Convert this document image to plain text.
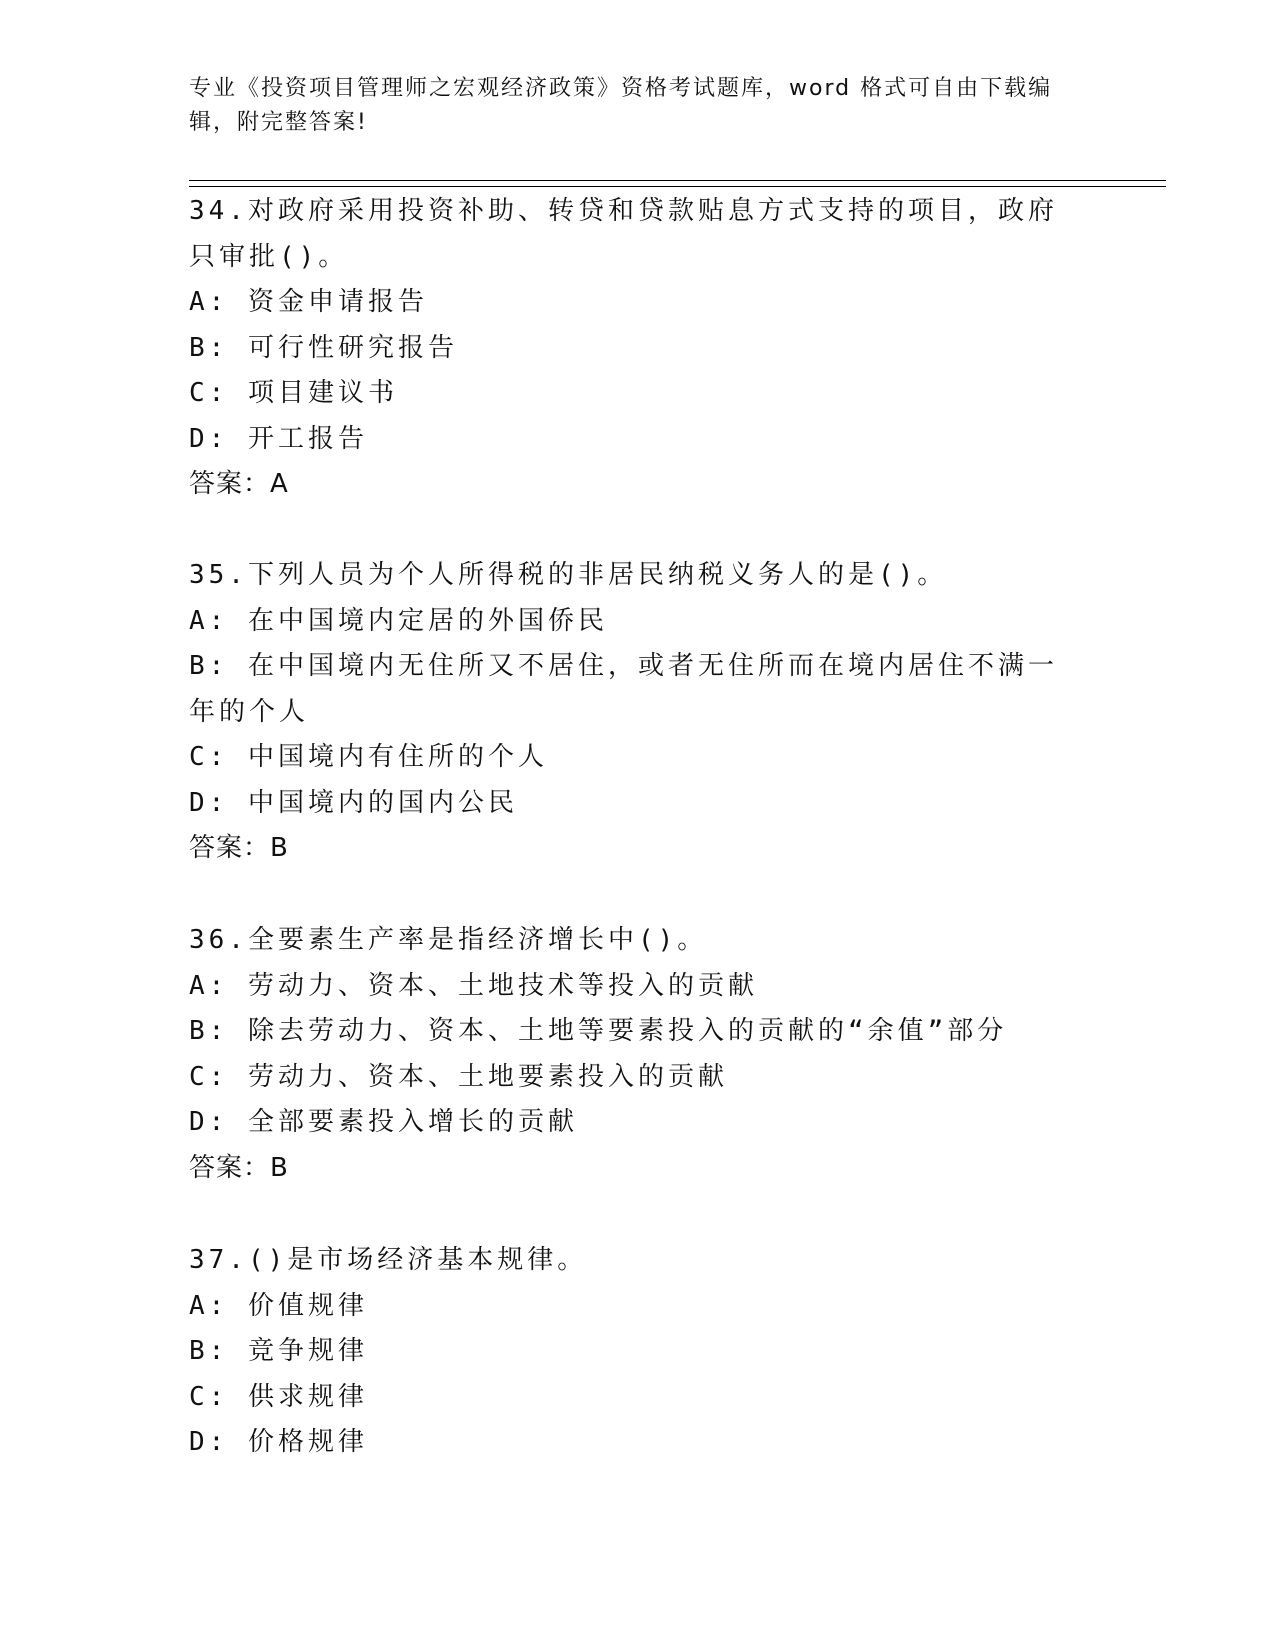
专业《投资项目管理师之宏观经济政策》资格考试题库，word 格式可自由下载编辑，附完整答案!
34.对政府采用投资补助、转贷和贷款贴息方式支持的项目，政府只审批()。
A: 资金申请报告
B: 可行性研究报告
C: 项目建议书
D: 开工报告
答案：A
35.下列人员为个人所得税的非居民纳税义务人的是()。
A: 在中国境内定居的外国侨民
B: 在中国境内无住所又不居住，或者无住所而在境内居住不满一年的个人
C: 中国境内有住所的个人
D: 中国境内的国内公民
答案：B
36.全要素生产率是指经济增长中()。
A: 劳动力、资本、土地技术等投入的贡献
B: 除去劳动力、资本、土地等要素投入的贡献的“余值”部分
C: 劳动力、资本、土地要素投入的贡献
D: 全部要素投入增长的贡献
答案：B
37.()是市场经济基本规律。
A: 价值规律
B: 竞争规律
C: 供求规律
D: 价格规律
